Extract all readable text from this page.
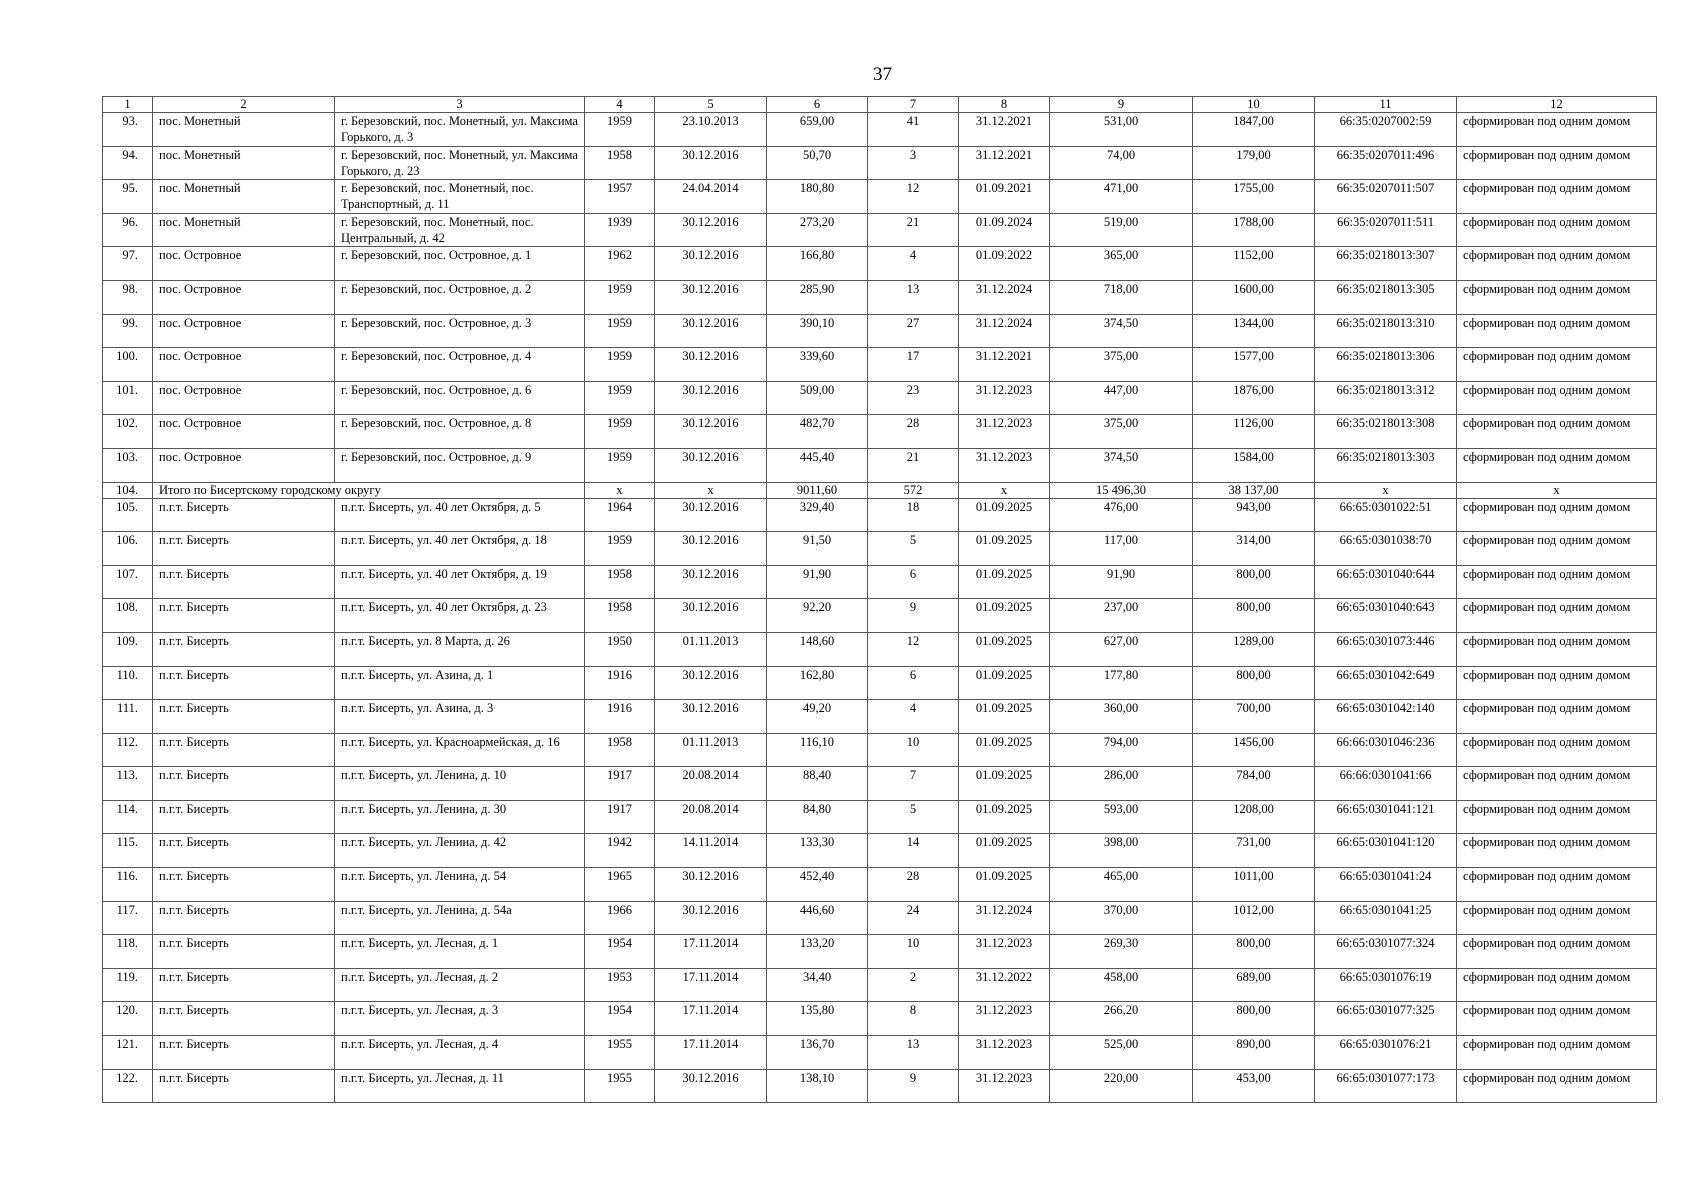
37
1	2	3	4	5	6	7	8	9	10	11	12
93.	пос. Монетный	г. Березовский, пос. Монетный, ул. Максима Горького, д. 3	1959	23.10.2013	659,00	41	31.12.2021	531,00	1847,00	66:35:0207002:59	сформирован под одним домом
94.	пос. Монетный	г. Березовский, пос. Монетный, ул. Максима Горького, д. 23	1958	30.12.2016	50,70	3	31.12.2021	74,00	179,00	66:35:0207011:496	сформирован под одним домом
95.	пос. Монетный	г. Березовский, пос. Монетный, пос. Транспортный, д. 11	1957	24.04.2014	180,80	12	01.09.2021	471,00	1755,00	66:35:0207011:507	сформирован под одним домом
96.	пос. Монетный	г. Березовский, пос. Монетный, пос. Центральный, д. 42	1939	30.12.2016	273,20	21	01.09.2024	519,00	1788,00	66:35:0207011:511	сформирован под одним домом
97.	пос. Островное	г. Березовский, пос. Островное, д. 1	1962	30.12.2016	166,80	4	01.09.2022	365,00	1152,00	66:35:0218013:307	сформирован под одним домом
98.	пос. Островное	г. Березовский, пос. Островное, д. 2	1959	30.12.2016	285,90	13	31.12.2024	718,00	1600,00	66:35:0218013:305	сформирован под одним домом
99.	пос. Островное	г. Березовский, пос. Островное, д. 3	1959	30.12.2016	390,10	27	31.12.2024	374,50	1344,00	66:35:0218013:310	сформирован под одним домом
100.	пос. Островное	г. Березовский, пос. Островное, д. 4	1959	30.12.2016	339,60	17	31.12.2021	375,00	1577,00	66:35:0218013:306	сформирован под одним домом
101.	пос. Островное	г. Березовский, пос. Островное, д. 6	1959	30.12.2016	509,00	23	31.12.2023	447,00	1876,00	66:35:0218013:312	сформирован под одним домом
102.	пос. Островное	г. Березовский, пос. Островное, д. 8	1959	30.12.2016	482,70	28	31.12.2023	375,00	1126,00	66:35:0218013:308	сформирован под одним домом
103.	пос. Островное	г. Березовский, пос. Островное, д. 9	1959	30.12.2016	445,40	21	31.12.2023	374,50	1584,00	66:35:0218013:303	сформирован под одним домом
104.	Итого по Бисертскому городскому округу		x	x	9011,60	572	x	15 496,30	38 137,00	x	x
105.	п.г.т. Бисерть	п.г.т. Бисерть, ул. 40 лет Октября, д. 5	1964	30.12.2016	329,40	18	01.09.2025	476,00	943,00	66:65:0301022:51	сформирован под одним домом
106.	п.г.т. Бисерть	п.г.т. Бисерть, ул. 40 лет Октября, д. 18	1959	30.12.2016	91,50	5	01.09.2025	117,00	314,00	66:65:0301038:70	сформирован под одним домом
107.	п.г.т. Бисерть	п.г.т. Бисерть, ул. 40 лет Октября, д. 19	1958	30.12.2016	91,90	6	01.09.2025	91,90	800,00	66:65:0301040:644	сформирован под одним домом
108.	п.г.т. Бисерть	п.г.т. Бисерть, ул. 40 лет Октября, д. 23	1958	30.12.2016	92,20	9	01.09.2025	237,00	800,00	66:65:0301040:643	сформирован под одним домом
109.	п.г.т. Бисерть	п.г.т. Бисерть, ул. 8 Марта, д. 26	1950	01.11.2013	148,60	12	01.09.2025	627,00	1289,00	66:65:0301073:446	сформирован под одним домом
110.	п.г.т. Бисерть	п.г.т. Бисерть, ул. Азина, д. 1	1916	30.12.2016	162,80	6	01.09.2025	177,80	800,00	66:65:0301042:649	сформирован под одним домом
111.	п.г.т. Бисерть	п.г.т. Бисерть, ул. Азина, д. 3	1916	30.12.2016	49,20	4	01.09.2025	360,00	700,00	66:65:0301042:140	сформирован под одним домом
112.	п.г.т. Бисерть	п.г.т. Бисерть, ул. Красноармейская, д. 16	1958	01.11.2013	116,10	10	01.09.2025	794,00	1456,00	66:66:0301046:236	сформирован под одним домом
113.	п.г.т. Бисерть	п.г.т. Бисерть, ул. Ленина, д. 10	1917	20.08.2014	88,40	7	01.09.2025	286,00	784,00	66:66:0301041:66	сформирован под одним домом
114.	п.г.т. Бисерть	п.г.т. Бисерть, ул. Ленина, д. 30	1917	20.08.2014	84,80	5	01.09.2025	593,00	1208,00	66:65:0301041:121	сформирован под одним домом
115.	п.г.т. Бисерть	п.г.т. Бисерть, ул. Ленина, д. 42	1942	14.11.2014	133,30	14	01.09.2025	398,00	731,00	66:65:0301041:120	сформирован под одним домом
116.	п.г.т. Бисерть	п.г.т. Бисерть, ул. Ленина, д. 54	1965	30.12.2016	452,40	28	01.09.2025	465,00	1011,00	66:65:0301041:24	сформирован под одним домом
117.	п.г.т. Бисерть	п.г.т. Бисерть, ул. Ленина, д. 54а	1966	30.12.2016	446,60	24	31.12.2024	370,00	1012,00	66:65:0301041:25	сформирован под одним домом
118.	п.г.т. Бисерть	п.г.т. Бисерть, ул. Лесная, д. 1	1954	17.11.2014	133,20	10	31.12.2023	269,30	800,00	66:65:0301077:324	сформирован под одним домом
119.	п.г.т. Бисерть	п.г.т. Бисерть, ул. Лесная, д. 2	1953	17.11.2014	34,40	2	31.12.2022	458,00	689,00	66:65:0301076:19	сформирован под одним домом
120.	п.г.т. Бисерть	п.г.т. Бисерть, ул. Лесная, д. 3	1954	17.11.2014	135,80	8	31.12.2023	266,20	800,00	66:65:0301077:325	сформирован под одним домом
121.	п.г.т. Бисерть	п.г.т. Бисерть, ул. Лесная, д. 4	1955	17.11.2014	136,70	13	31.12.2023	525,00	890,00	66:65:0301076:21	сформирован под одним домом
122.	п.г.т. Бисерть	п.г.т. Бисерть, ул. Лесная, д. 11	1955	30.12.2016	138,10	9	31.12.2023	220,00	453,00	66:65:0301077:173	сформирован под одним домом
